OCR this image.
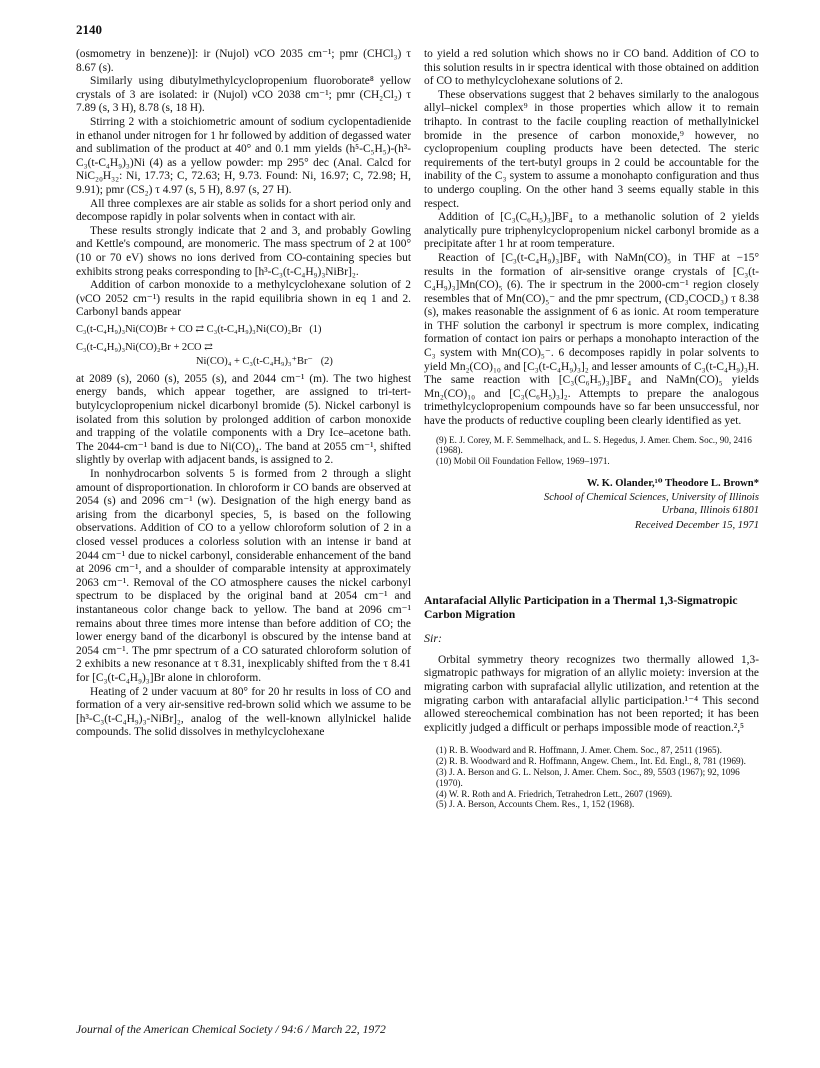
2140

(osmometry in benzene)]: ir (Nujol) νCO 2035 cm⁻¹; pmr (CHCl₃) τ 8.67 (s).

Similarly using dibutylmethylcyclopropenium fluoroborate⁸ yellow crystals of 3 are isolated: ir (Nujol) νCO 2038 cm⁻¹; pmr (CH₂Cl₂) τ 7.89 (s, 3 H), 8.78 (s, 18 H).

Stirring 2 with a stoichiometric amount of sodium cyclopentadienide in ethanol under nitrogen for 1 hr followed by addition of degassed water and sublimation of the product at 40° and 0.1 mm yields (h⁵-C₅H₅)-(h³-C₃(t-C₄H₉)₃)Ni (4) as a yellow powder: mp 295° dec (Anal. Calcd for NiC₂₀H₃₂: Ni, 17.73; C, 72.63; H, 9.73. Found: Ni, 16.97; C, 72.98; H, 9.91); pmr (CS₂) τ 4.97 (s, 5 H), 8.97 (s, 27 H).

All three complexes are air stable as solids for a short period only and decompose rapidly in polar solvents when in contact with air.

These results strongly indicate that 2 and 3, and probably Gowling and Kettle's compound, are monomeric. The mass spectrum of 2 at 100° (10 or 70 eV) shows no ions derived from CO-containing species but exhibits strong peaks corresponding to [h³-C₃(t-C₄H₉)₃NiBr]₂.

Addition of carbon monoxide to a methylcyclohexane solution of 2 (νCO 2052 cm⁻¹) results in the rapid equilibria shown in eq 1 and 2. Carbonyl bands appear

C₃(t-C₄H₉)₃Ni(CO)Br + CO ⇄ C₃(t-C₄H₉)₃Ni(CO)₂Br   (1)
C₃(t-C₄H₉)₃Ni(CO)₂Br + 2CO ⇄
Ni(CO)₄ + C₃(t-C₄H₉)₃⁺Br⁻   (2)

at 2089 (s), 2060 (s), 2055 (s), and 2044 cm⁻¹ (m). The two highest energy bands, which appear together, are assigned to tri-tert-butylcyclopropenium nickel dicarbonyl bromide (5). Nickel carbonyl is isolated from this solution by prolonged addition of carbon monoxide and trapping of the volatile components with a Dry Ice–acetone bath. The 2044-cm⁻¹ band is due to Ni(CO)₄. The band at 2055 cm⁻¹, shifted slightly by overlap with adjacent bands, is assigned to 2.

In nonhydrocarbon solvents 5 is formed from 2 through a slight amount of disproportionation. In chloroform ir CO bands are observed at 2054 (s) and 2096 cm⁻¹ (w). Designation of the high energy band as arising from the dicarbonyl species, 5, is based on the following observations. Addition of CO to a yellow chloroform solution of 2 in a closed vessel produces a colorless solution with an intense ir band at 2044 cm⁻¹ due to nickel carbonyl, considerable enhancement of the band at 2096 cm⁻¹, and a shoulder of comparable intensity at approximately 2063 cm⁻¹. Removal of the CO atmosphere causes the nickel carbonyl spectrum to be displaced by the original band at 2054 cm⁻¹ and instantaneous color change back to yellow. The band at 2096 cm⁻¹ remains about three times more intense than before addition of CO; the lower energy band of the dicarbonyl is obscured by the intense band at 2054 cm⁻¹. The pmr spectrum of a CO saturated chloroform solution of 2 exhibits a new resonance at τ 8.31, inexplicably shifted from the τ 8.41 for [C₃(t-C₄H₉)₃]Br alone in chloroform.

Heating of 2 under vacuum at 80° for 20 hr results in loss of CO and formation of a very air-sensitive red-brown solid which we assume to be [h³-C₃(t-C₄H₉)₃-NiBr]₂, analog of the well-known allylnickel halide compounds. The solid dissolves in methylcyclohexane

to yield a red solution which shows no ir CO band. Addition of CO to this solution results in ir spectra identical with those obtained on addition of CO to methylcyclohexane solutions of 2.

These observations suggest that 2 behaves similarly to the analogous allyl–nickel complex⁹ in those properties which allow it to remain trihapto. In contrast to the facile coupling reaction of methallylnickel bromide in the presence of carbon monoxide,⁹ however, no cyclopropenium coupling products have been detected. The steric requirements of the tert-butyl groups in 2 could be accountable for the inability of the C₃ system to assume a monohapto configuration and thus to undergo coupling. On the other hand 3 seems equally stable in this respect.

Addition of [C₃(C₆H₅)₃]BF₄ to a methanolic solution of 2 yields analytically pure triphenylcyclopropenium nickel carbonyl bromide as a precipitate after 1 hr at room temperature.

Reaction of [C₃(t-C₄H₉)₃]BF₄ with NaMn(CO)₅ in THF at −15° results in the formation of air-sensitive orange crystals of [C₃(t-C₄H₉)₃]Mn(CO)₅ (6). The ir spectrum in the 2000-cm⁻¹ region closely resembles that of Mn(CO)₅⁻ and the pmr spectrum, (CD₃COCD₃) τ 8.38 (s), makes reasonable the assignment of 6 as ionic. At room temperature in THF solution the carbonyl ir spectrum is more complex, indicating formation of contact ion pairs or perhaps a monohapto interaction of the C₃ system with Mn(CO)₅⁻. 6 decomposes rapidly in polar solvents to yield Mn₂(CO)₁₀ and [C₃(t-C₄H₉)₃]₂ and lesser amounts of C₃(t-C₄H₉)₃H. The same reaction with [C₃(C₆H₅)₃]BF₄ and NaMn(CO)₅ yields Mn₂(CO)₁₀ and [C₃(C₆H₅)₃]₂. Attempts to prepare the analogous trimethylcyclopropenium compounds have so far been unsuccessful, nor have the products of reductive coupling been clearly identified as yet.

(9) E. J. Corey, M. F. Semmelhack, and L. S. Hegedus, J. Amer. Chem. Soc., 90, 2416 (1968).
(10) Mobil Oil Foundation Fellow, 1969–1971.
W. K. Olander,¹⁰ Theodore L. Brown*
School of Chemical Sciences, University of Illinois
Urbana, Illinois 61801
Received December 15, 1971
Antarafacial Allylic Participation in a Thermal 1,3-Sigmatropic Carbon Migration
Sir:

Orbital symmetry theory recognizes two thermally allowed 1,3-sigmatropic pathways for migration of an allylic moiety: inversion at the migrating carbon with suprafacial allylic utilization, and retention at the migrating carbon with antarafacial allylic participation.¹⁻⁴ This second allowed stereochemical combination has not been reported; it has been explicitly judged a difficult or perhaps impossible mode of reaction.²,⁵

(1) R. B. Woodward and R. Hoffmann, J. Amer. Chem. Soc., 87, 2511 (1965).
(2) R. B. Woodward and R. Hoffmann, Angew. Chem., Int. Ed. Engl., 8, 781 (1969).
(3) J. A. Berson and G. L. Nelson, J. Amer. Chem. Soc., 89, 5503 (1967); 92, 1096 (1970).
(4) W. R. Roth and A. Friedrich, Tetrahedron Lett., 2607 (1969).
(5) J. A. Berson, Accounts Chem. Res., 1, 152 (1968).
Journal of the American Chemical Society / 94:6 / March 22, 1972
